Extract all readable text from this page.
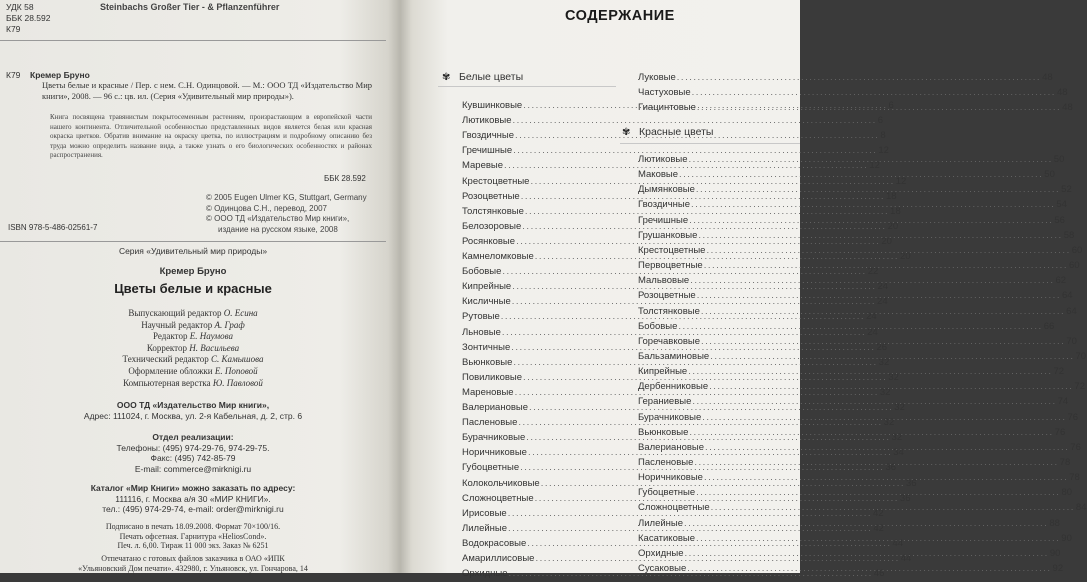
УДК 58
ББК 28.592
К79
Steinbachs Großer Tier - & Pflanzenführer
К79 Кремер Бруно
Цветы белые и красные / Пер. с нем. С.Н. Одинцовой. — М.: ООО ТД «Издательство Мир книги», 2008. — 96 с.: цв. ил. (Серия «Удивительный мир природы»).
Книга посвящена травянистым покрытосеменным растениям, произрастающим в европейской части нашего континента. Отличительной особенностью представленных видов является белая или красная окраска цветков. Обратив внимание на окраску цветка, по иллюстрациям и подробному описанию без труда можно определить название вида, а также узнать о его биологических особенностях и районах распространения.
ББК 28.592
© 2005 Eugen Ulmer KG, Stuttgart, Germany
© Одинцова С.Н., перевод, 2007
© ООО ТД «Издательство Мир книги»,
издание на русском языке, 2008
ISBN 978-5-486-02561-7
Серия «Удивительный мир природы»
Кремер Бруно
Цветы белые и красные
Выпускающий редактор О. Есина
Научный редактор А. Граф
Редактор Е. Наумова
Корректор Н. Васильева
Технический редактор С. Камышова
Оформление обложки Е. Поповой
Компьютерная верстка Ю. Павловой
ООО ТД «Издательство Мир книги»,
Адрес: 111024, г. Москва, ул. 2-я Кабельная, д. 2, стр. 6
Отдел реализации:
Телефоны: (495) 974-29-76, 974-29-75.
Факс: (495) 742-85-79
E-mail: commerce@mirknigi.ru
Каталог «Мир Книги» можно заказать по адресу:
111116, г. Москва а/я 30 «МИР КНИГИ».
тел.: (495) 974-29-74, e-mail: order@mirknigi.ru
Подписано в печать 18.09.2008. Формат 70×100/16.
Печать офсетная. Гарнитура «HeliosCond».
Печ. л. 6,00. Тираж 11 000 экз. Заказ № 6251
Отпечатано с готовых файлов заказчика в ОАО «ИПК
«Ульяновский Дом печати». 432980, г. Ульяновск, ул. Гончарова, 14
СОДЕРЖАНИЕ
✾ Белые цветы
Кувшинковые .....	6
Лютиковые .....	6
Гвоздичные .....	8
Гречишные .....	12
Маревые .....	12
Крестоцветные .....	12
Розоцветные .....	18
Толстянковые .....	18
Белозоровые .....	20
Росянковые .....	20
Камнеломковые .....	20
Бобовые .....	22
Кипрейные .....	24
Кисличные .....	24
Рутовые .....	24
Льновые .....	24
Зонтичные .....	26
Вьюнковые .....	32
Повиликовые .....	32
Мареновые .....	32
Валериановые .....	32
Пасленовые .....	32
Бурачниковые .....	32
Норичниковые .....	34
Губоцветные .....	36
Колокольчиковые .....	36
Сложноцветные .....	36
Ирисовые .....	42
Лилейные .....	42
Водокрасовые .....	44
Амариллисовые .....	44
Орхидные .....	46
✾ Красные цветы
Луковые .....	48
Частуховые .....	48
Гиацинтовые .....	48
Лютиковые .....	50
Маковые .....	50
Дымянковые .....	52
Гвоздичные .....	54
Гречишные .....	56
Грушанковые .....	58
Крестоцветные .....	60
Первоцветные .....	60
Мальвовые .....	62
Розоцветные .....	64
Толстянковые .....	64
Бобовые .....	66
Горечавковые .....	70
Бальзаминовые .....	70
Кипрейные .....	72
Дербенниковые .....	72
Гераниевые .....	74
Бурачниковые .....	76
Вьюнковые .....	76
Валериановые .....	76
Пасленовые .....	78
Норичниковые .....	78
Губоцветные .....	80
Сложноцветные .....	84
Лилейные .....	88
Касатиковые .....	90
Орхидные .....	90
Сусаковые .....	92
